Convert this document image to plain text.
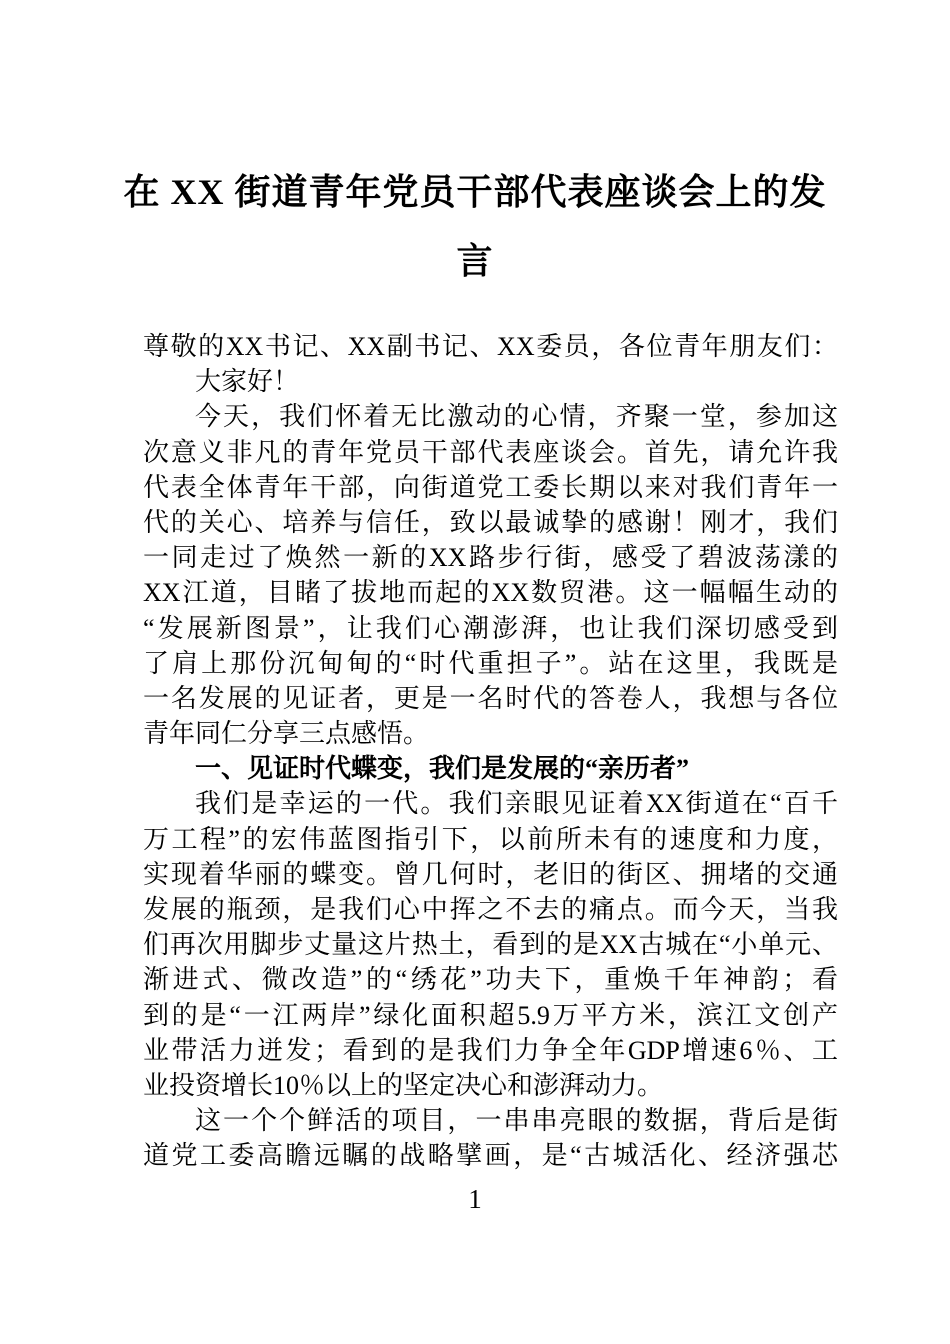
在 XX 街道青年党员干部代表座谈会上的发
言
尊敬的XX书记、XX副书记、XX委员，各位青年朋友们：
大家好！
今天，我们怀着无比激动的心情，齐聚一堂，参加这
次意义非凡的青年党员干部代表座谈会。首先，请允许我
代表全体青年干部，向街道党工委长期以来对我们青年一
代的关心、培养与信任，致以最诚挚的感谢！刚才，我们
一同走过了焕然一新的XX路步行街，感受了碧波荡漾的
XX江道，目睹了拔地而起的XX数贸港。这一幅幅生动的
“发展新图景”，让我们心潮澎湃，也让我们深切感受到
了肩上那份沉甸甸的“时代重担子”。站在这里，我既是
一名发展的见证者，更是一名时代的答卷人，我想与各位
青年同仁分享三点感悟。
一、见证时代蝶变，我们是发展的“亲历者”
我们是幸运的一代。我们亲眼见证着XX街道在“百千
万工程”的宏伟蓝图指引下，以前所未有的速度和力度，
实现着华丽的蝶变。曾几何时，老旧的街区、拥堵的交通
发展的瓶颈，是我们心中挥之不去的痛点。而今天，当我
们再次用脚步丈量这片热土，看到的是XX古城在“小单元、
渐进式、微改造”的“绣花”功夫下，重焕千年神韵；看
到的是“一江两岸”绿化面积超5.9万平方米，滨江文创产
业带活力迸发；看到的是我们力争全年GDP增速6％、工
业投资增长10％以上的坚定决心和澎湃动力。
这一个个鲜活的项目，一串串亮眼的数据，背后是街
道党工委高瞻远瞩的战略擘画，是“古城活化、经济强芯
1
